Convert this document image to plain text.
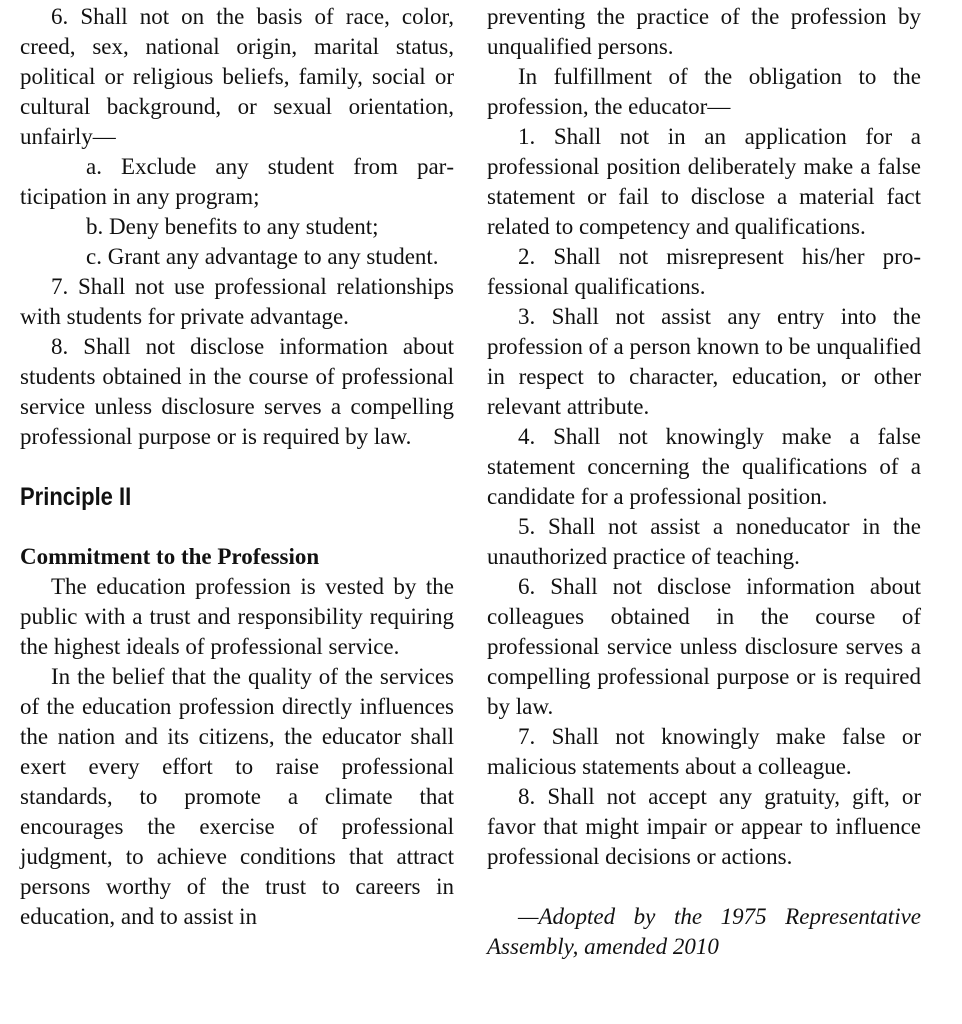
6. Shall not on the basis of race, color, creed, sex, national origin, marital status, political or religious beliefs, family, social or cultural background, or sexual orientation, unfairly—

a. Exclude any student from participation in any program;

b. Deny benefits to any student;

c. Grant any advantage to any student.

7. Shall not use professional relationships with students for private advantage.

8. Shall not disclose information about students obtained in the course of professional service unless disclosure serves a compelling professional purpose or is required by law.

Principle II
Commitment to the Profession

The education profession is vested by the public with a trust and responsibility requiring the highest ideals of professional service.

In the belief that the quality of the services of the education profession directly influences the nation and its citizens, the educator shall exert every effort to raise professional standards, to promote a climate that encourages the exercise of professional judgment, to achieve conditions that attract persons worthy of the trust to careers in education, and to assist in

preventing the practice of the profession by unqualified persons.

In fulfillment of the obligation to the profession, the educator—

1. Shall not in an application for a professional position deliberately make a false statement or fail to disclose a material fact related to competency and qualifications.

2. Shall not misrepresent his/her professional qualifications.

3. Shall not assist any entry into the profession of a person known to be unqualified in respect to character, education, or other relevant attribute.

4. Shall not knowingly make a false statement concerning the qualifications of a candidate for a professional position.

5. Shall not assist a noneducator in the unauthorized practice of teaching.

6. Shall not disclose information about colleagues obtained in the course of professional service unless disclosure serves a compelling professional purpose or is required by law.

7. Shall not knowingly make false or malicious statements about a colleague.

8. Shall not accept any gratuity, gift, or favor that might impair or appear to influence professional decisions or actions.

—Adopted by the 1975 Representative Assembly, amended 2010
